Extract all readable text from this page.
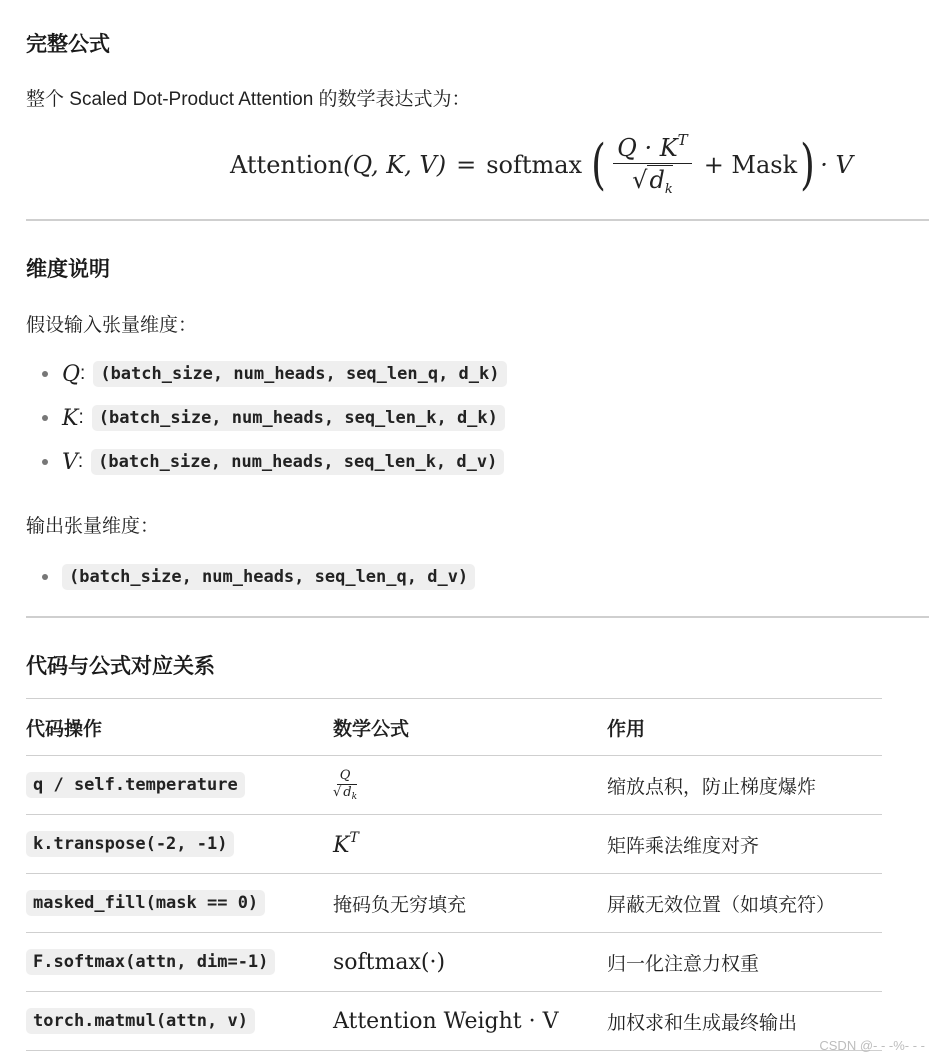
完整公式

整个 Scaled Dot-Product Attention 的数学表达式为：

Attention (Q, K, V) = softmax ( $\frac{Q \cdot K^T}{√d_k}$ + Mask ) · V
维度说明

假设输入张量维度：

Q : (batch_size, num_heads, seq_len_q, d_k)
K : (batch_size, num_heads, seq_len_k, d_k)
V : (batch_size, num_heads, seq_len_k, d_v)

输出张量维度：

(batch_size, num_heads, seq_len_q, d_v)
代码与公式对应关系
代码操作	数学公式	作用
q / self.temperature	$\frac{Q}{√ d_k}$	缩放点积，防止梯度爆炸
k.transpose(-2, -1)	$K^T$	矩阵乘法维度对齐
masked_fill(mask == 0)	掩码负无穷填充	屏蔽无效位置（如填充符）
F.softmax(attn, dim=-1)	softmax(·)	归一化注意力权重
torch.matmul(attn, v)	Attention Weight · V	加权求和生成最终输出
CSDN @- - -%- - -
